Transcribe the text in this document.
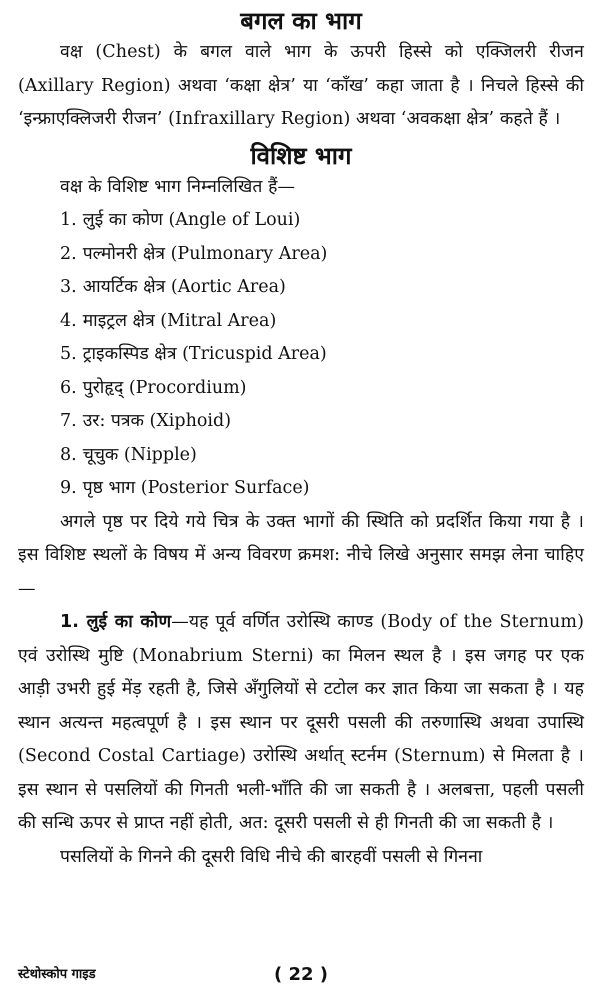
बगल का भाग

वक्ष (Chest) के बगल वाले भाग के ऊपरी हिस्से को एक्जिलरी रीजन (Axillary Region) अथवा ‘कक्षा क्षेत्र’ या ‘काँख’ कहा जाता है । निचले हिस्से की ‘इन्फ्राएक्लिजरी रीजन’ (Infraxillary Region) अथवा ‘अवकक्षा क्षेत्र’ कहते हैं ।

विशिष्ट भाग

वक्ष के विशिष्ट भाग निम्नलिखित हैं—

1. लुई का कोण (Angle of Loui)
2. पल्मोनरी क्षेत्र (Pulmonary Area)
3. आयर्टिक क्षेत्र (Aortic Area)
4. माइट्रल क्षेत्र (Mitral Area)
5. ट्राइकस्पिड क्षेत्र (Tricuspid Area)
6. पुरोहृद् (Procordium)
7. उर: पत्रक (Xiphoid)
8. चूचुक (Nipple)
9. पृष्ठ भाग (Posterior Surface)

अगले पृष्ठ पर दिये गये चित्र के उक्त भागों की स्थिति को प्रदर्शित किया गया है । इस विशिष्ट स्थलों के विषय में अन्य विवरण क्रमश: नीचे लिखे अनुसार समझ लेना चाहिए—

1. लुई का कोण—यह पूर्व वर्णित उरोस्थि काण्ड (Body of the Sternum) एवं उरोस्थि मुष्टि (Monabrium Sterni) का मिलन स्थल है । इस जगह पर एक आड़ी उभरी हुई मेंड़ रहती है, जिसे अँगुलियों से टटोल कर ज्ञात किया जा सकता है । यह स्थान अत्यन्त महत्वपूर्ण है । इस स्थान पर दूसरी पसली की तरुणास्थि अथवा उपास्थि (Second Costal Cartiage) उरोस्थि अर्थात् स्टर्नम (Sternum) से मिलता है । इस स्थान से पसलियों की गिनती भली-भाँति की जा सकती है । अलबत्ता, पहली पसली की सन्धि ऊपर से प्राप्त नहीं होती, अत: दूसरी पसली से ही गिनती की जा सकती है ।

पसलियों के गिनने की दूसरी विधि नीचे की बारहवीं पसली से गिनना

स्टेथोस्कोप गाइड	( 22 )
